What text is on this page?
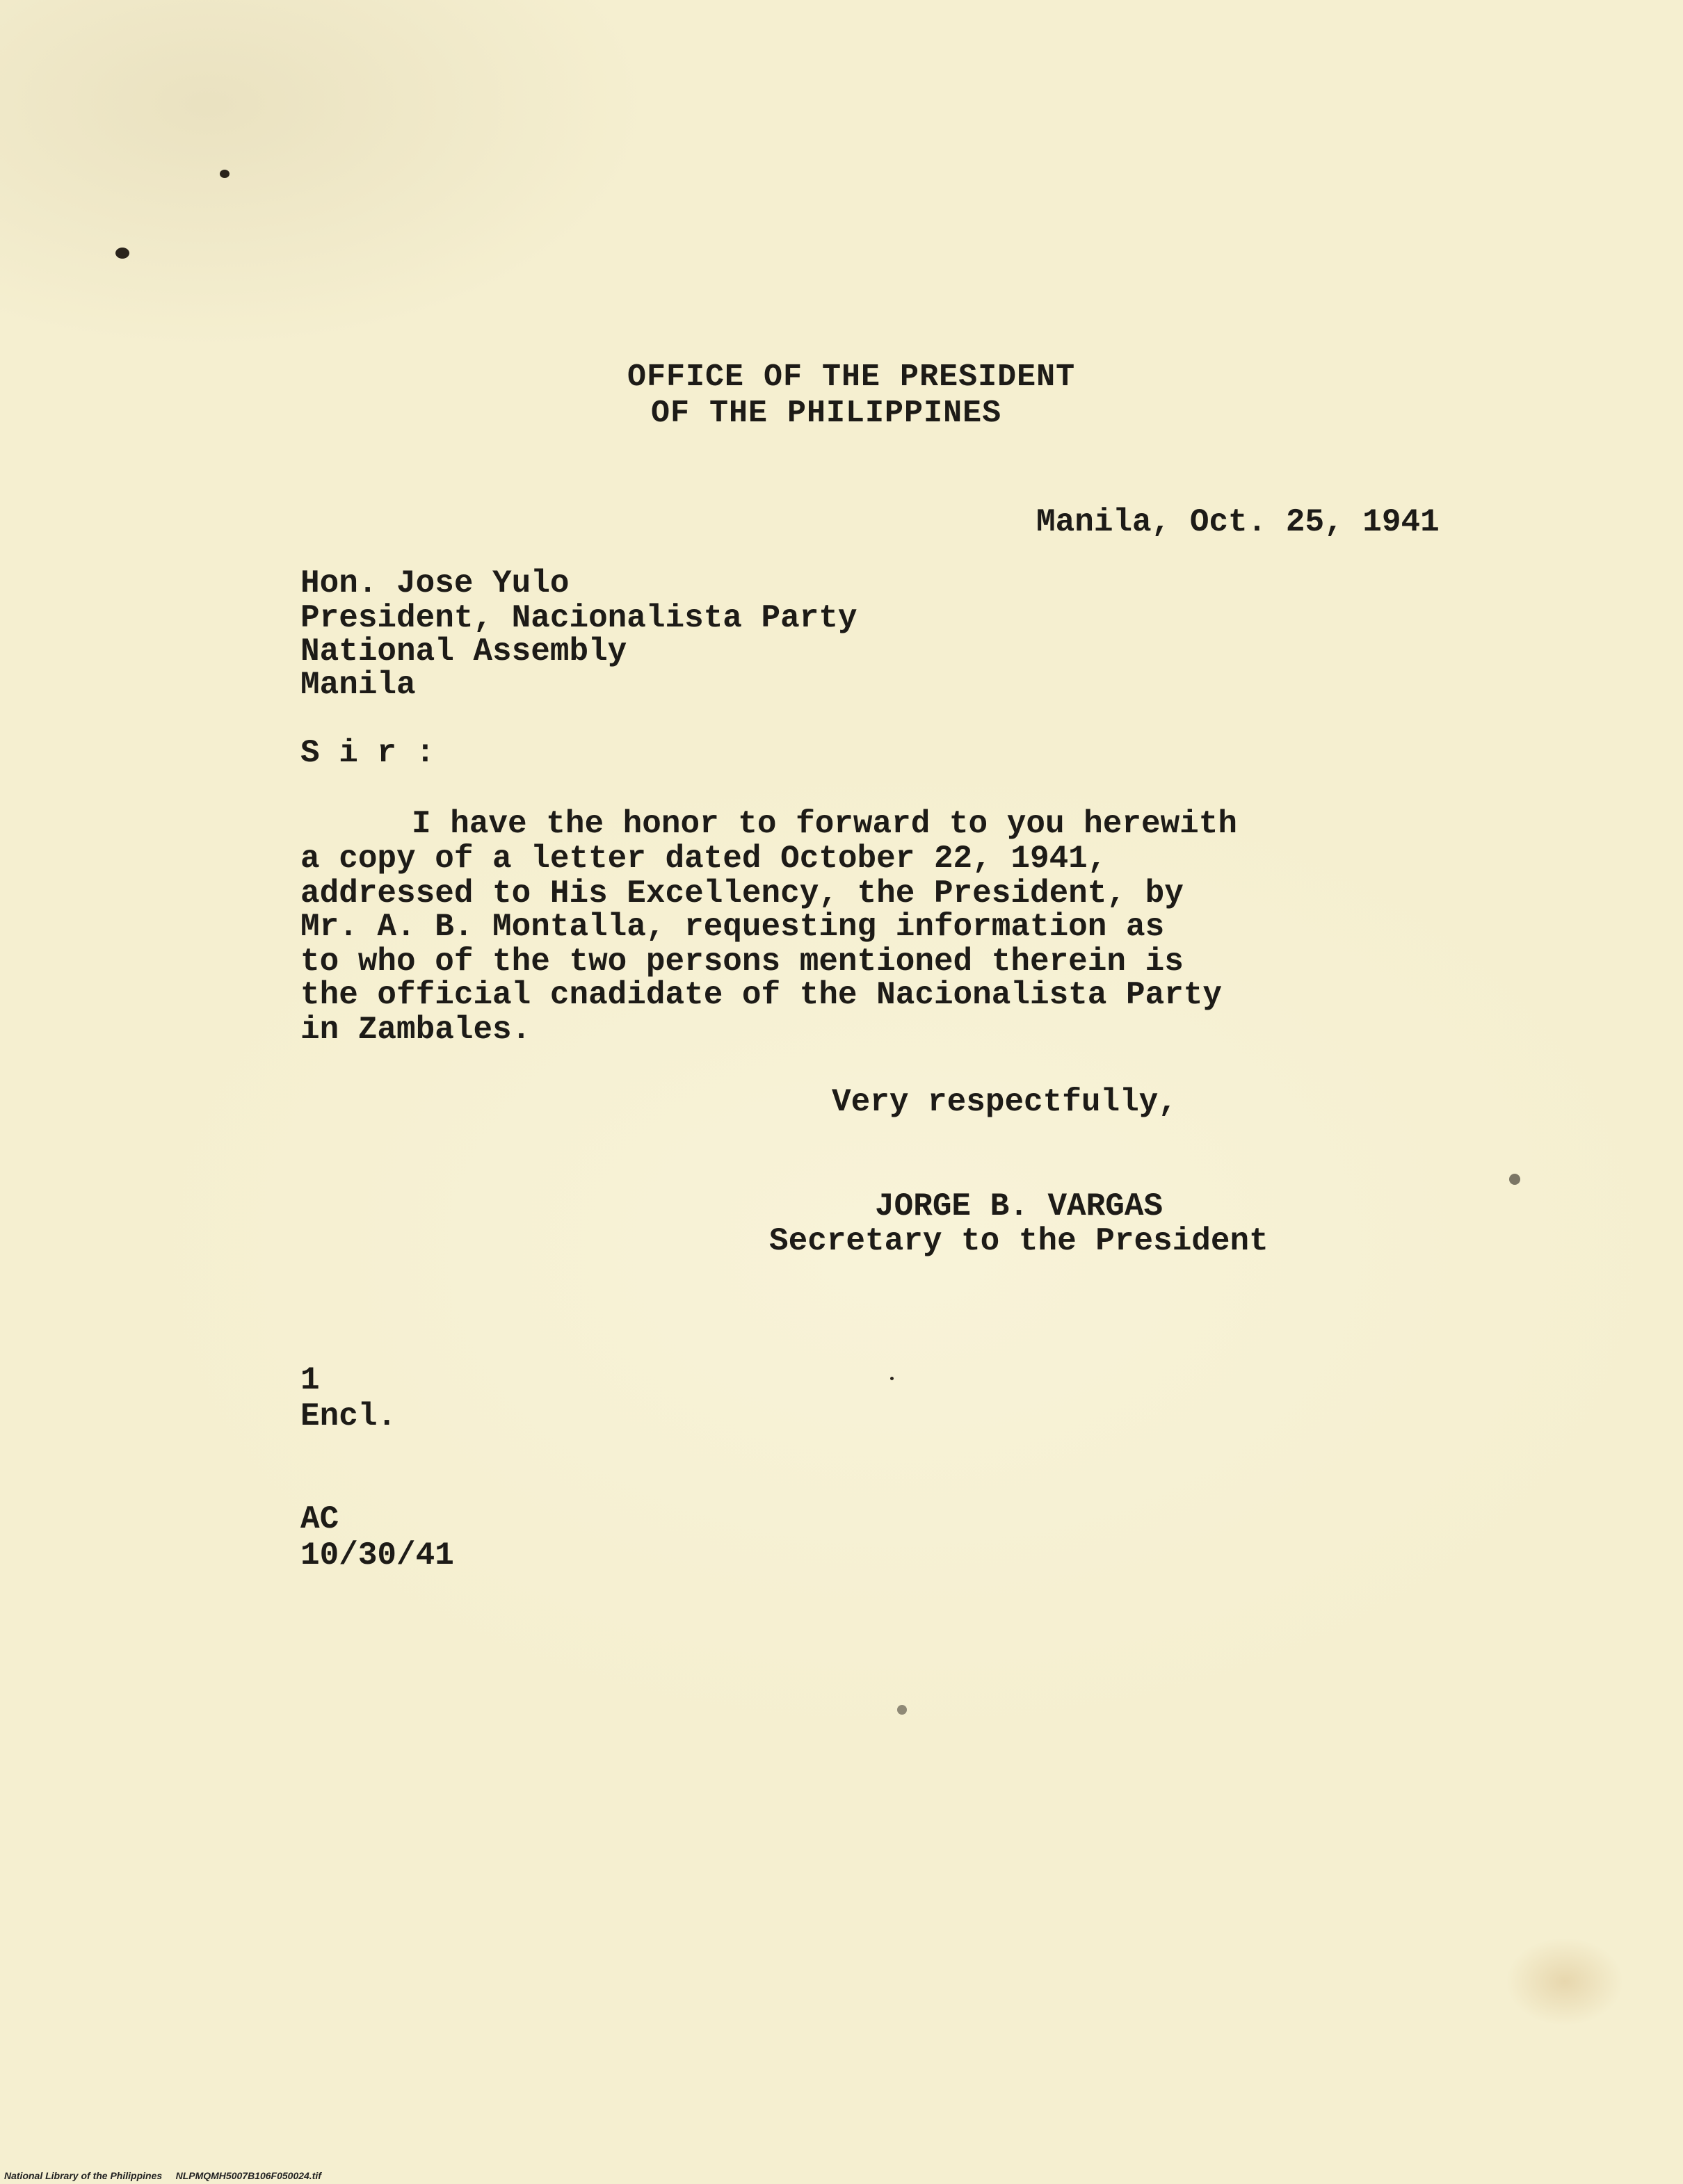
OFFICE OF THE PRESIDENT

OF THE PHILIPPINES

Manila, Oct. 25, 1941

Hon. Jose Yulo

President, Nacionalista Party

National Assembly

Manila

S i r :

I have the honor to forward to you herewith

a copy of a letter dated October 22, 1941,

addressed to His Excellency, the President, by

Mr. A. B. Montalla, requesting information as

to who of the two persons mentioned therein is

the official cnadidate of the Nacionalista Party

in Zambales.

Very respectfully,

JORGE B. VARGAS

Secretary to the President

1

Encl.

AC

10/30/41

National Library of the Philippines NLPMQMH5007B106F050024.tif
